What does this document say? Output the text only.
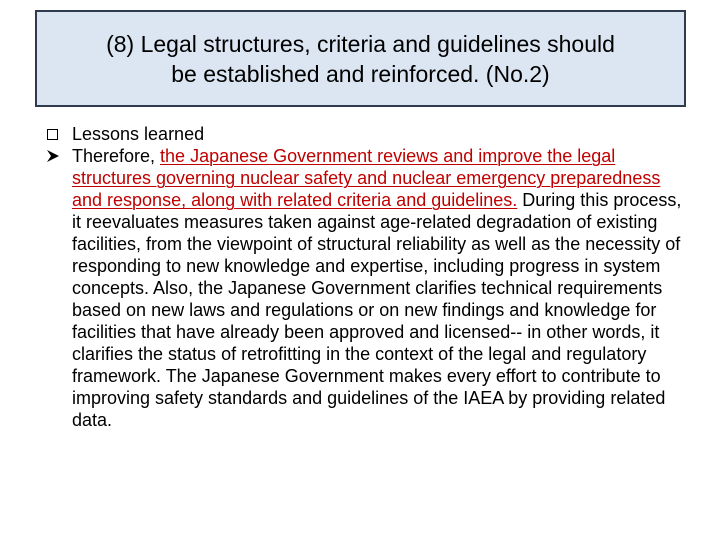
(8) Legal structures, criteria and guidelines should
be established and reinforced. (No.2)

Lessons learned

Therefore, the Japanese Government reviews and improve the legal structures governing nuclear safety and nuclear emergency preparedness and response, along with related criteria and guidelines. During this process, it reevaluates measures taken against age-related degradation of existing facilities, from the viewpoint of structural reliability as well as the necessity of responding to new knowledge and expertise, including progress in system concepts. Also, the Japanese Government clarifies technical requirements based on new laws and regulations or on new findings and knowledge for facilities that have already been approved and licensed-- in other words, it clarifies the status of retrofitting in the context of the legal and regulatory framework. The Japanese Government makes every effort to contribute to improving safety standards and guidelines of the IAEA by providing related data.
